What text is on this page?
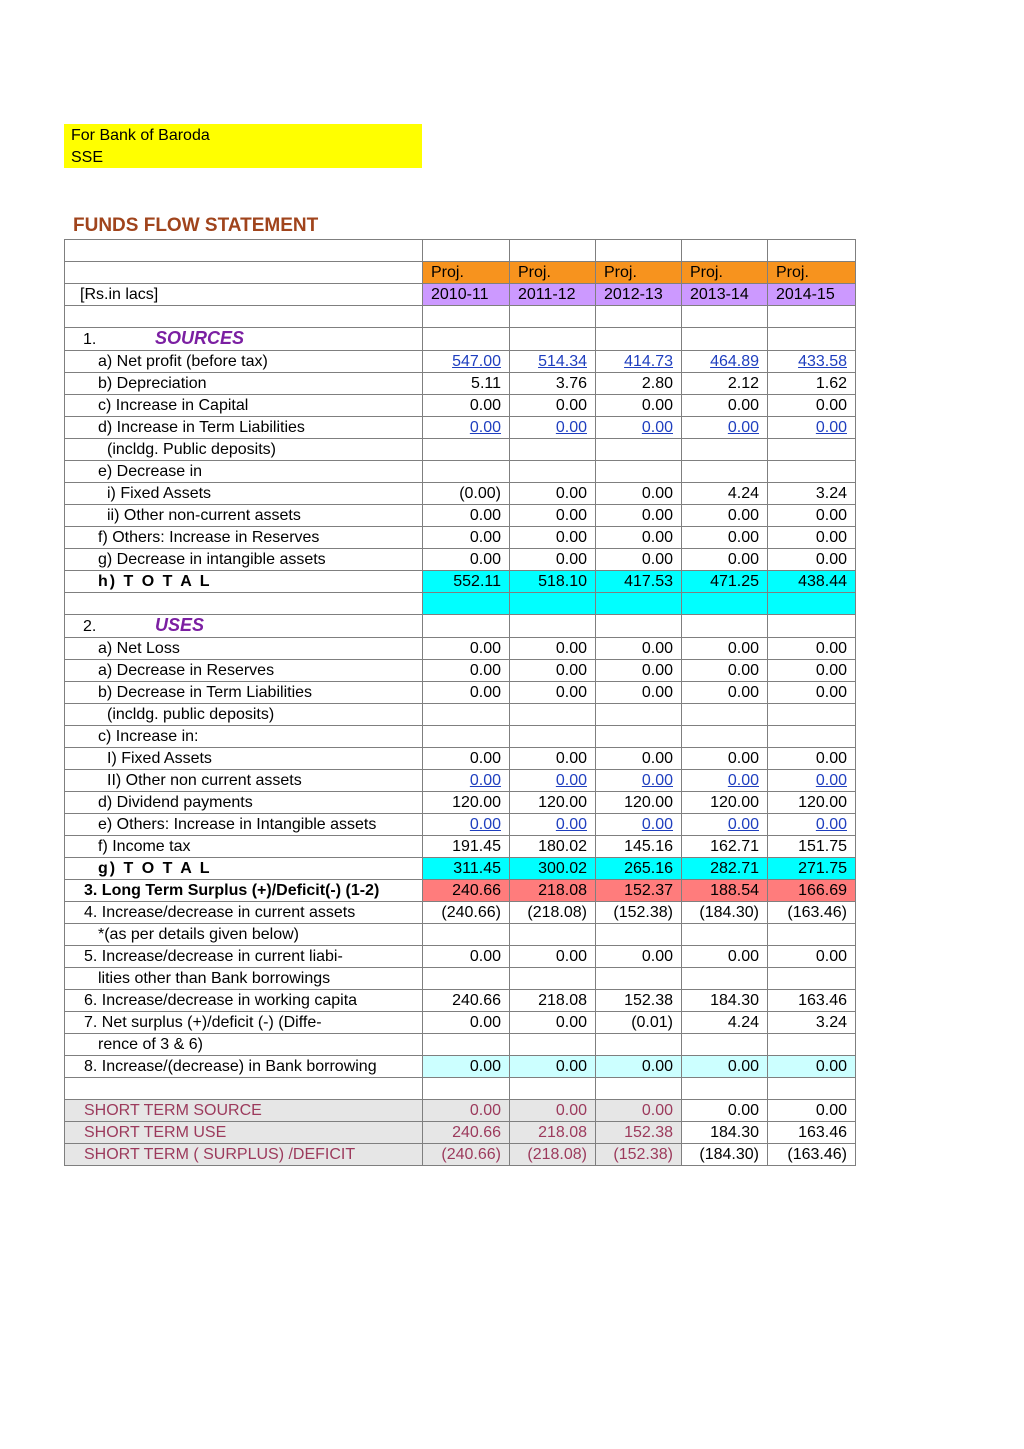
For Bank of Baroda
SSE
FUNDS FLOW STATEMENT

	Proj.	Proj.	Proj.	Proj.	Proj.
[Rs.in lacs]	2010-11	2011-12	2012-13	2013-14	2014-15

1. SOURCES					
a) Net profit (before tax)	547.00	514.34	414.73	464.89	433.58
b) Depreciation	5.11	3.76	2.80	2.12	1.62
c) Increase in Capital	0.00	0.00	0.00	0.00	0.00
d) Increase in Term Liabilities	0.00	0.00	0.00	0.00	0.00
(incldg. Public deposits)					
e) Decrease in					
i) Fixed Assets	(0.00)	0.00	0.00	4.24	3.24
ii) Other non-current assets	0.00	0.00	0.00	0.00	0.00
f) Others: Increase in Reserves	0.00	0.00	0.00	0.00	0.00
g) Decrease in intangible assets	0.00	0.00	0.00	0.00	0.00
h) T O T A L	552.11	518.10	417.53	471.25	438.44

2. USES					
a) Net Loss	0.00	0.00	0.00	0.00	0.00
a) Decrease in Reserves	0.00	0.00	0.00	0.00	0.00
b) Decrease in Term Liabilities	0.00	0.00	0.00	0.00	0.00
(incldg. public deposits)					
c) Increase in:					
I) Fixed Assets	0.00	0.00	0.00	0.00	0.00
II) Other non current assets	0.00	0.00	0.00	0.00	0.00
d) Dividend payments	120.00	120.00	120.00	120.00	120.00
e) Others: Increase in Intangible assets	0.00	0.00	0.00	0.00	0.00
f) Income tax	191.45	180.02	145.16	162.71	151.75
g) T O T A L	311.45	300.02	265.16	282.71	271.75
3. Long Term Surplus (+)/Deficit(-) (1-2)	240.66	218.08	152.37	188.54	166.69
4. Increase/decrease in current assets	(240.66)	(218.08)	(152.38)	(184.30)	(163.46)
*(as per details given below)					
5. Increase/decrease in current liabi-	0.00	0.00	0.00	0.00	0.00
lities other than Bank borrowings					
6. Increase/decrease in working capita	240.66	218.08	152.38	184.30	163.46
7. Net surplus (+)/deficit (-) (Diffe-	0.00	0.00	(0.01)	4.24	3.24
rence of 3 & 6)					
8. Increase/(decrease) in Bank borrowing	0.00	0.00	0.00	0.00	0.00

SHORT TERM SOURCE	0.00	0.00	0.00	0.00	0.00
SHORT TERM USE	240.66	218.08	152.38	184.30	163.46
SHORT TERM ( SURPLUS) /DEFICIT	(240.66)	(218.08)	(152.38)	(184.30)	(163.46)
